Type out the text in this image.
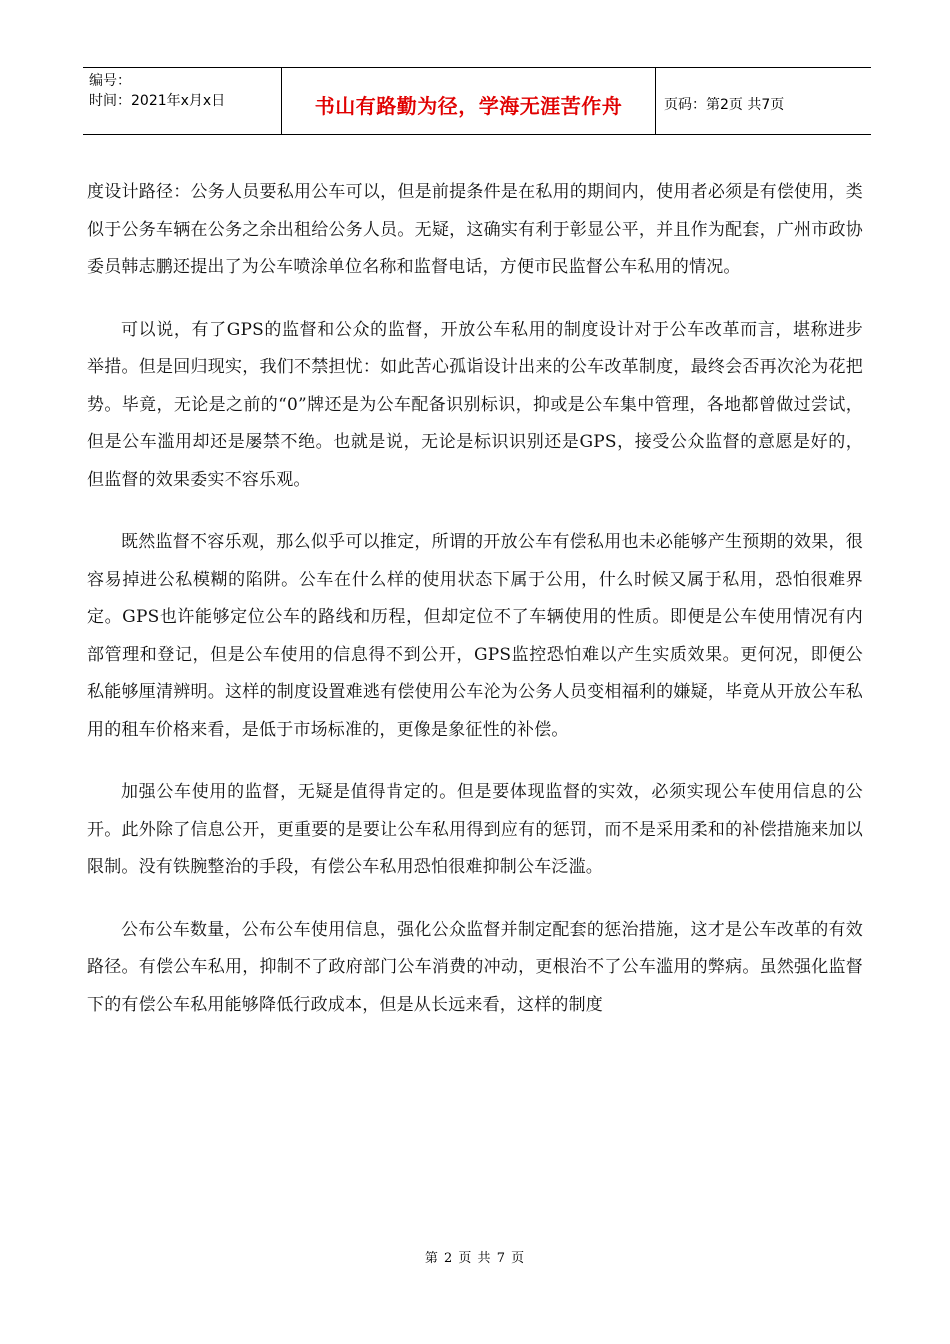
编号：
时间：2021年x月x日	书山有路勤为径，学海无涯苦作舟	页码：第2页 共7页

度设计路径：公务人员要私用公车可以，但是前提条件是在私用的期间内，使用者必须是有偿使用，类似于公务车辆在公务之余出租给公务人员。无疑，这确实有利于彰显公平，并且作为配套，广州市政协委员韩志鹏还提出了为公车喷涂单位名称和监督电话，方便市民监督公车私用的情况。

可以说，有了GPS的监督和公众的监督，开放公车私用的制度设计对于公车改革而言，堪称进步举措。但是回归现实，我们不禁担忧：如此苦心孤诣设计出来的公车改革制度，最终会否再次沦为花把势。毕竟，无论是之前的“0”牌还是为公车配备识别标识，抑或是公车集中管理，各地都曾做过尝试，但是公车滥用却还是屡禁不绝。也就是说，无论是标识识别还是GPS，接受公众监督的意愿是好的，但监督的效果委实不容乐观。

既然监督不容乐观，那么似乎可以推定，所谓的开放公车有偿私用也未必能够产生预期的效果，很容易掉进公私模糊的陷阱。公车在什么样的使用状态下属于公用，什么时候又属于私用，恐怕很难界定。GPS也许能够定位公车的路线和历程，但却定位不了车辆使用的性质。即便是公车使用情况有内部管理和登记，但是公车使用的信息得不到公开，GPS监控恐怕难以产生实质效果。更何况，即便公私能够厘清辨明。这样的制度设置难逃有偿使用公车沦为公务人员变相福利的嫌疑，毕竟从开放公车私用的租车价格来看，是低于市场标准的，更像是象征性的补偿。

加强公车使用的监督，无疑是值得肯定的。但是要体现监督的实效，必须实现公车使用信息的公开。此外除了信息公开，更重要的是要让公车私用得到应有的惩罚，而不是采用柔和的补偿措施来加以限制。没有铁腕整治的手段，有偿公车私用恐怕很难抑制公车泛滥。

公布公车数量，公布公车使用信息，强化公众监督并制定配套的惩治措施，这才是公车改革的有效路径。有偿公车私用，抑制不了政府部门公车消费的冲动，更根治不了公车滥用的弊病。虽然强化监督下的有偿公车私用能够降低行政成本，但是从长远来看，这样的制度

第 2 页 共 7 页
